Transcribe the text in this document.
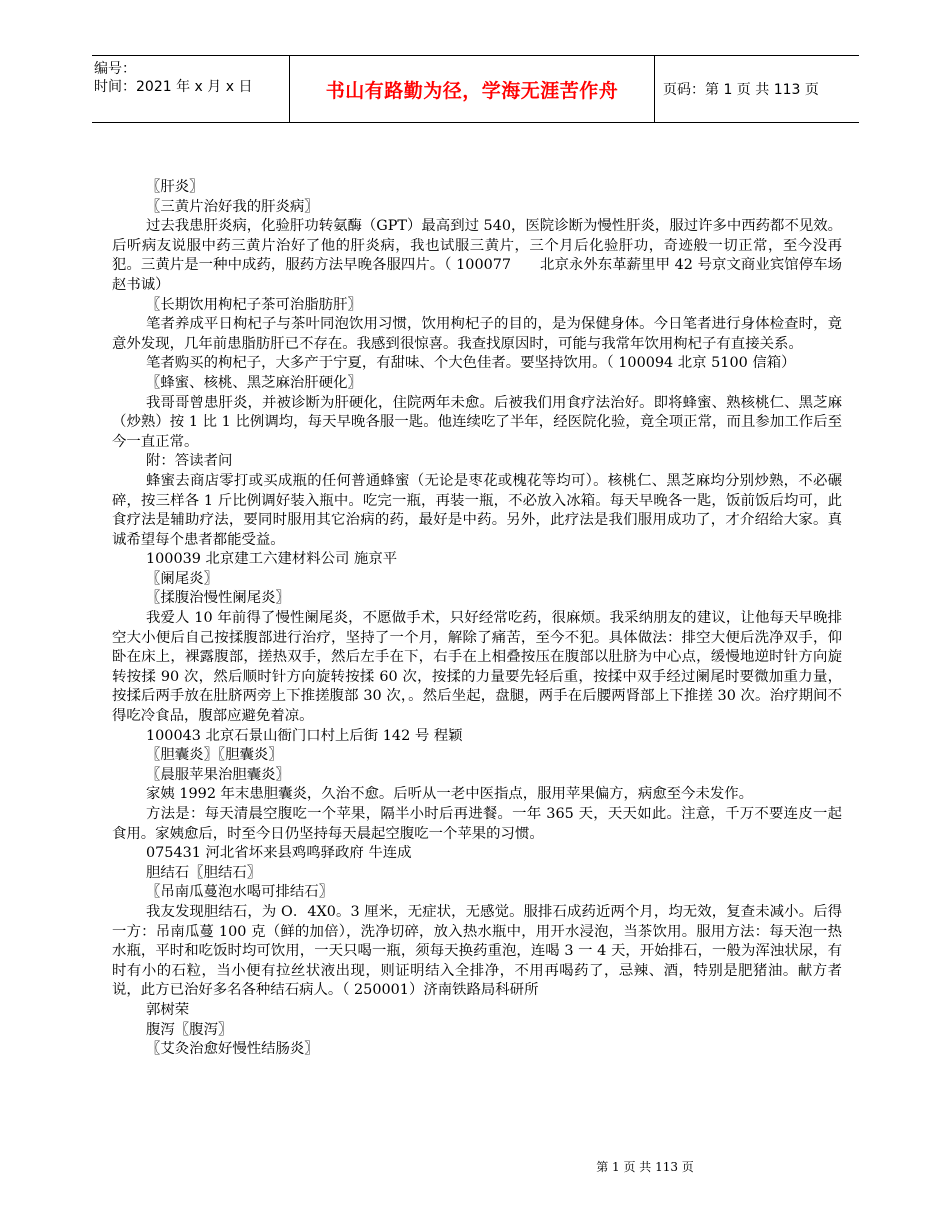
编号：
时间：2021 年 x 月 x 日	书山有路勤为径，学海无涯苦作舟	页码：第 1 页 共 113 页

〖肝炎〗

〖三黄片治好我的肝炎病〗

过去我患肝炎病，化验肝功转氨酶（GPT）最高到过 540，医院诊断为慢性肝炎，服过许多中西药都不见效。后听病友说服中药三黄片治好了他的肝炎病，我也试服三黄片，三个月后化验肝功，奇迹般一切正常，至今没再犯。三黄片是一种中成药，服药方法早晚各服四片。（ 100077　　北京永外东革薪里甲 42 号京文商业宾馆停车场 赵书诚）

〖长期饮用枸杞子茶可治脂肪肝〗

笔者养成平日枸杞子与茶叶同泡饮用习惯，饮用枸杞子的目的，是为保健身体。今日笔者进行身体检查时，竟意外发现，几年前患脂肪肝已不存在。我感到很惊喜。我查找原因时，可能与我常年饮用枸杞子有直接关系。

笔者购买的枸杞子，大多产于宁夏，有甜味、个大色佳者。要坚持饮用。（ 100094 北京 5100 信箱）

〖蜂蜜、核桃、黑芝麻治肝硬化〗

我哥哥曾患肝炎，并被诊断为肝硬化，住院两年未愈。后被我们用食疗法治好。即将蜂蜜、熟核桃仁、黑芝麻（炒熟）按 1 比 1 比例调均，每天早晚各服一匙。他连续吃了半年，经医院化验，竟全项正常，而且参加工作后至今一直正常。

附：答读者问

蜂蜜去商店零打或买成瓶的任何普通蜂蜜（无论是枣花或槐花等均可）。核桃仁、黑芝麻均分别炒熟，不必碾碎，按三样各 1 斤比例调好装入瓶中。吃完一瓶，再装一瓶，不必放入冰箱。每天早晚各一匙，饭前饭后均可，此食疗法是辅助疗法，要同时服用其它治病的药，最好是中药。另外，此疗法是我们服用成功了，才介绍给大家。真诚希望每个患者都能受益。

100039 北京建工六建材料公司 施京平

〖阑尾炎〗

〖揉腹治慢性阑尾炎〗

我爱人 10 年前得了慢性阑尾炎，不愿做手术，只好经常吃药，很麻烦。我采纳朋友的建议，让他每天早晚排空大小便后自己按揉腹部进行治疗，坚持了一个月，解除了痛苦，至今不犯。具体做法：排空大便后洗净双手，仰卧在床上，裸露腹部，搓热双手，然后左手在下，右手在上相叠按压在腹部以肚脐为中心点，缓慢地逆时针方向旋转按揉 90 次，然后顺时针方向旋转按揉 60 次，按揉的力量要先轻后重，按揉中双手经过阑尾时要微加重力量，按揉后两手放在肚脐两旁上下推搓腹部 30 次，。然后坐起，盘腿，两手在后腰两肾部上下推搓 30 次。治疗期间不得吃冷食品，腹部应避免着凉。

100043 北京石景山衙门口村上后街 142 号 程颖

〖胆囊炎〗〖胆囊炎〗

〖晨服苹果治胆囊炎〗

家姨 1992 年末患胆囊炎，久治不愈。后听从一老中医指点，服用苹果偏方，病愈至今未发作。

方法是：每天清晨空腹吃一个苹果，隔半小时后再进餐。一年 365 天，天天如此。注意，千万不要连皮一起食用。家姨愈后，时至今日仍坚持每天晨起空腹吃一个苹果的习惯。

075431 河北省坏来县鸡鸣驿政府 牛连成

胆结石〖胆结石〗

〖吊南瓜蔓泡水喝可排结石〗

我友发现胆结石，为 O．4X0。3 厘米，无症状，无感觉。服排石成药近两个月，均无效，复查未减小。后得一方：吊南瓜蔓 100 克（鲜的加倍），洗净切碎，放入热水瓶中，用开水浸泡，当茶饮用。服用方法：每天泡一热水瓶，平时和吃饭时均可饮用，一天只喝一瓶，须每天换药重泡，连喝 3 一 4 天，开始排石，一般为浑浊状尿，有时有小的石粒，当小便有拉丝状液出现，则证明结入全排净，不用再喝药了，忌辣、酒，特别是肥猪油。献方者说，此方已治好多名各种结石病人。（ 250001）济南铁路局科研所

郭树荣

腹泻〖腹泻〗

〖艾灸治愈好慢性结肠炎〗

第 1 页 共 113 页
